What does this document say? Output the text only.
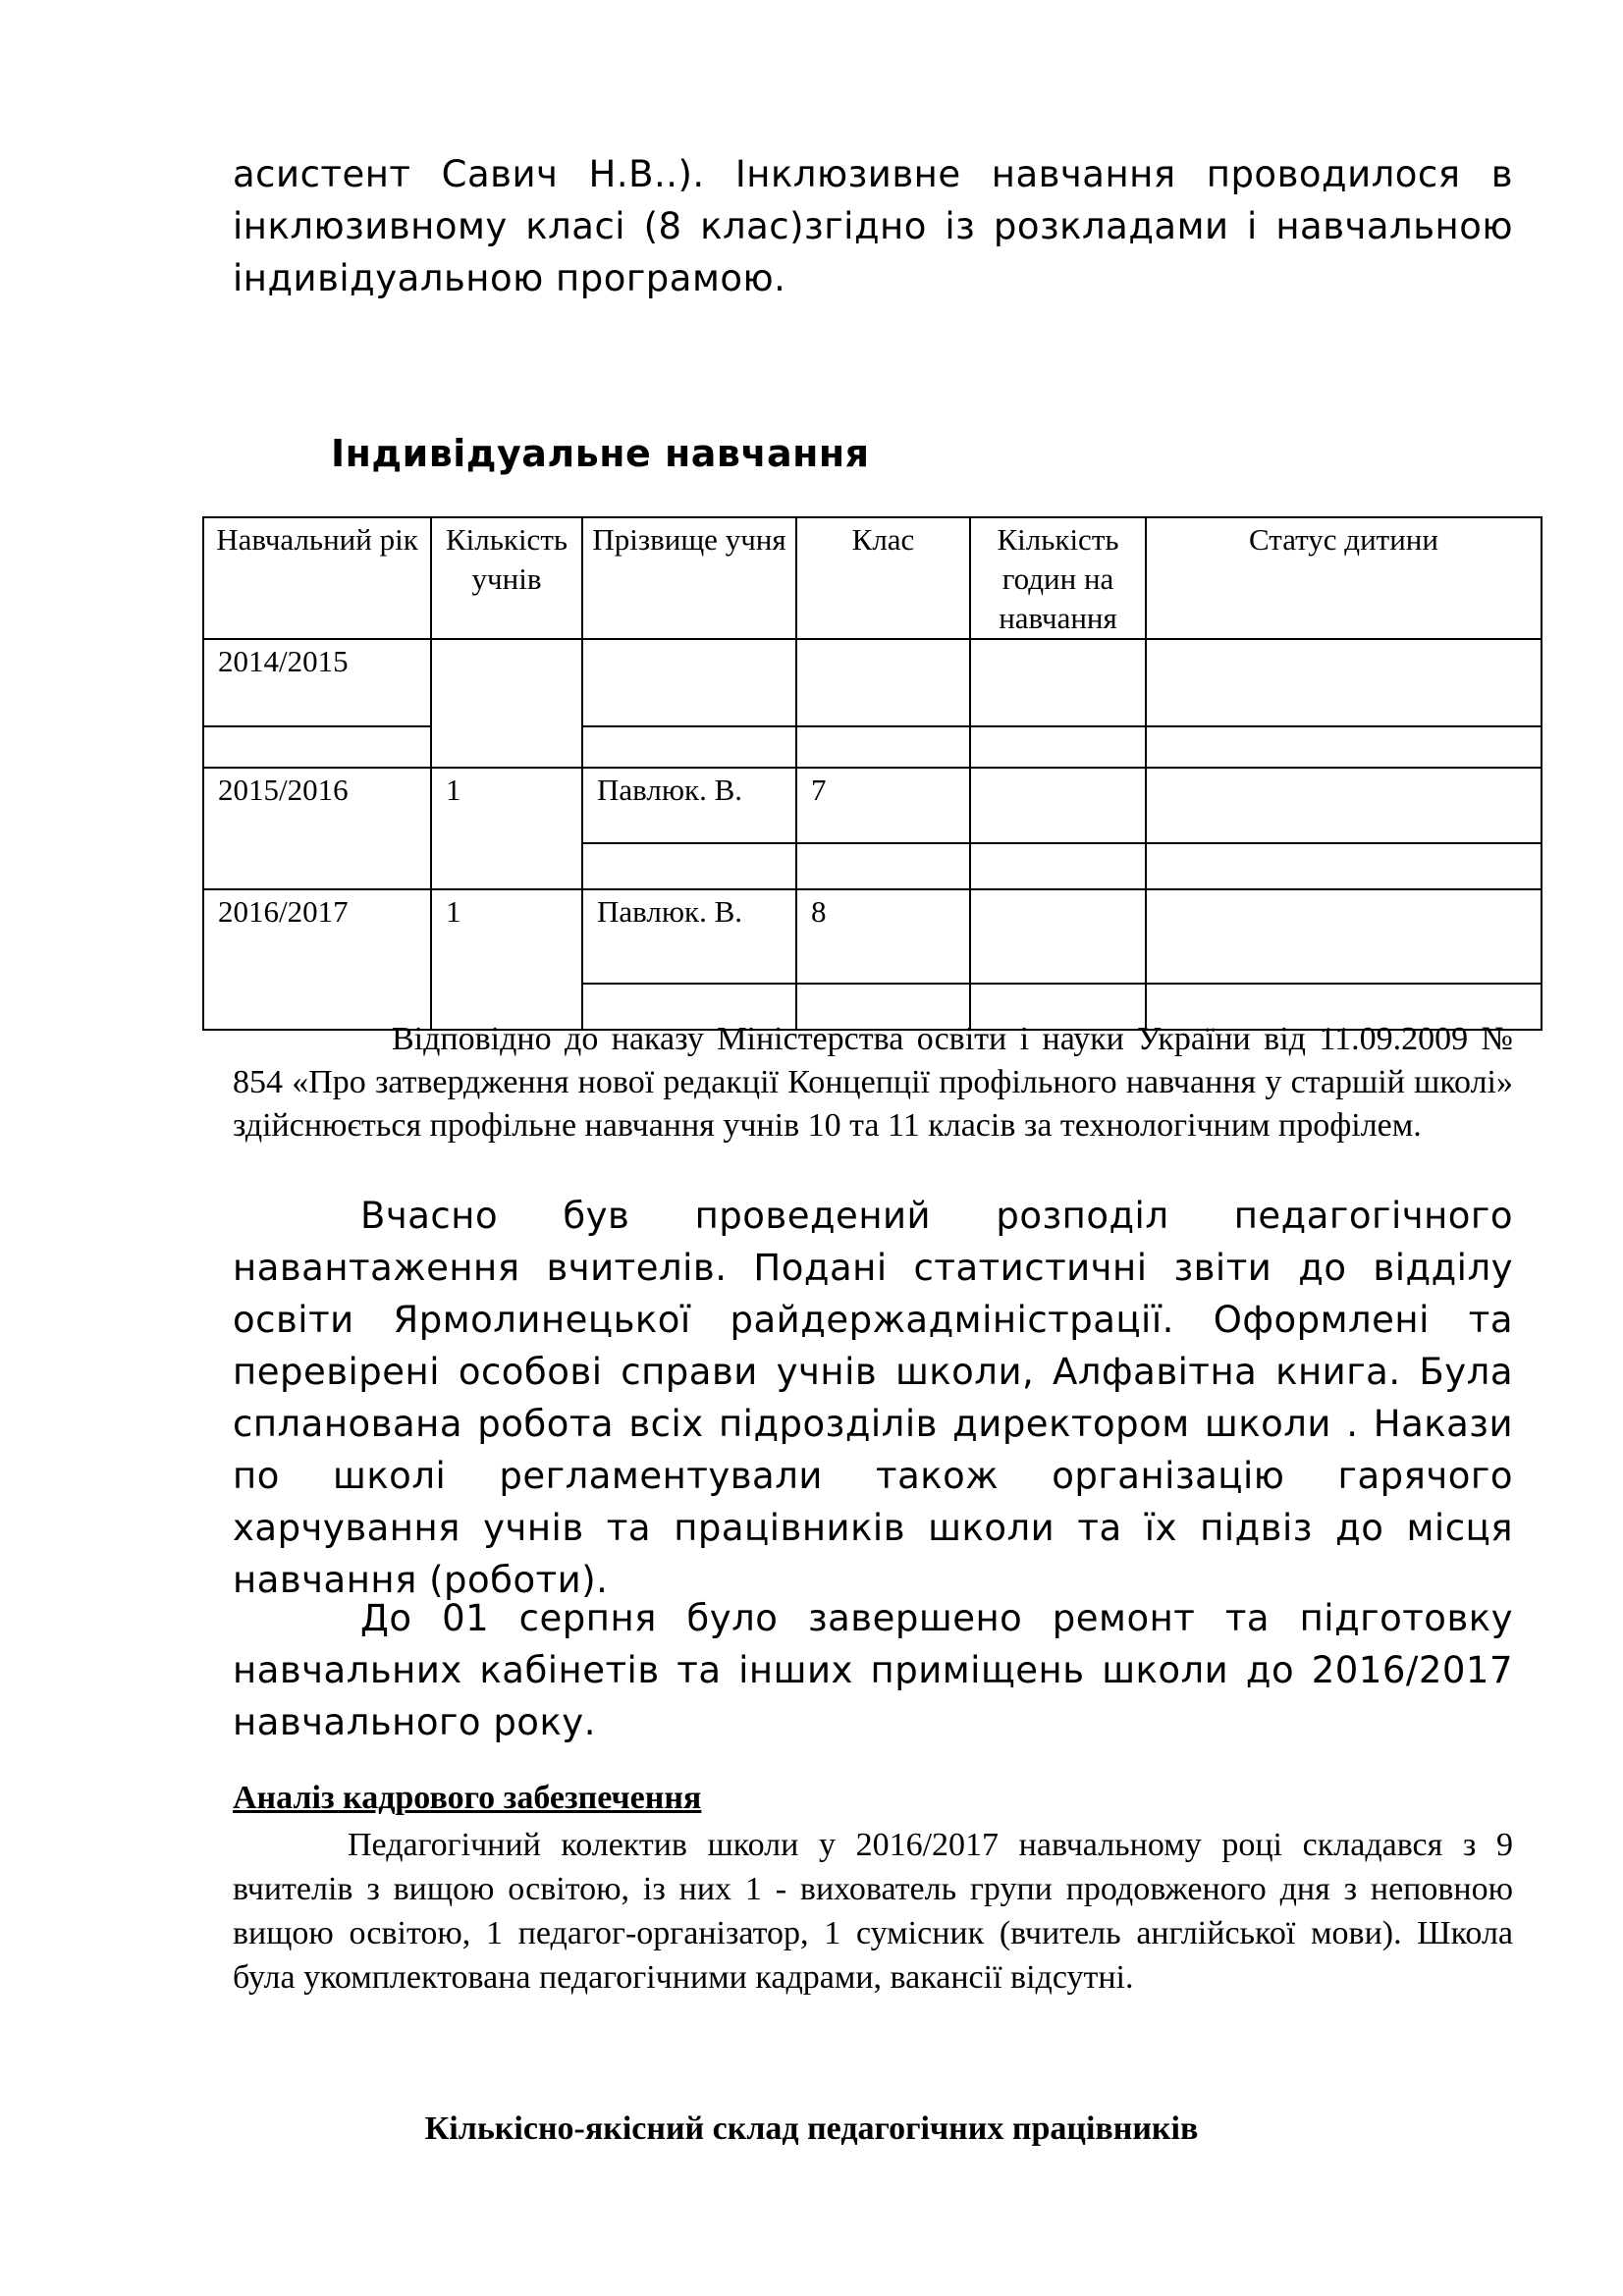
асистент Савич Н.В..). Інклюзивне навчання проводилося в інклюзивному класі (8 клас)згідно із розкладами і навчальною індивідуальною програмою.

Індивідуальне навчання
Навчальний рік	Кількість учнів	Прізвище учня	Клас	Кількість годин на навчання	Статус дитини
2014/2015					

2015/2016	1	Павлюк. В.	7		

2016/2017	1	Павлюк. В.	8		

Відповідно до наказу Міністерства освіти і науки України від 11.09.2009 № 854 «Про затвердження нової редакції Концепції профільного навчання у старшій школі» здійснюється профільне навчання учнів 10 та 11 класів за технологічним профілем.

Вчасно був проведений розподіл педагогічного навантаження вчителів. Подані статистичні звіти до відділу освіти Ярмолинецької райдержадміністрації. Оформлені та перевірені особові справи учнів школи, Алфавітна книга. Була спланована робота всіх підрозділів директором школи . Накази по школі регламентували також організацію гарячого харчування учнів та працівників школи та їх підвіз до місця навчання (роботи).

До 01 серпня було завершено ремонт та підготовку навчальних кабінетів та інших приміщень школи до 2016/2017 навчального року.

Аналіз кадрового забезпечення

Педагогічний колектив школи у 2016/2017 навчальному році складався з 9 вчителів з вищою освітою, із них 1 - вихователь групи продовженого дня з неповною вищою освітою, 1 педагог-організатор, 1 сумісник (вчитель англійської мови). Школа була укомплектована педагогічними кадрами, вакансії відсутні.

Кількісно-якісний склад педагогічних працівників
